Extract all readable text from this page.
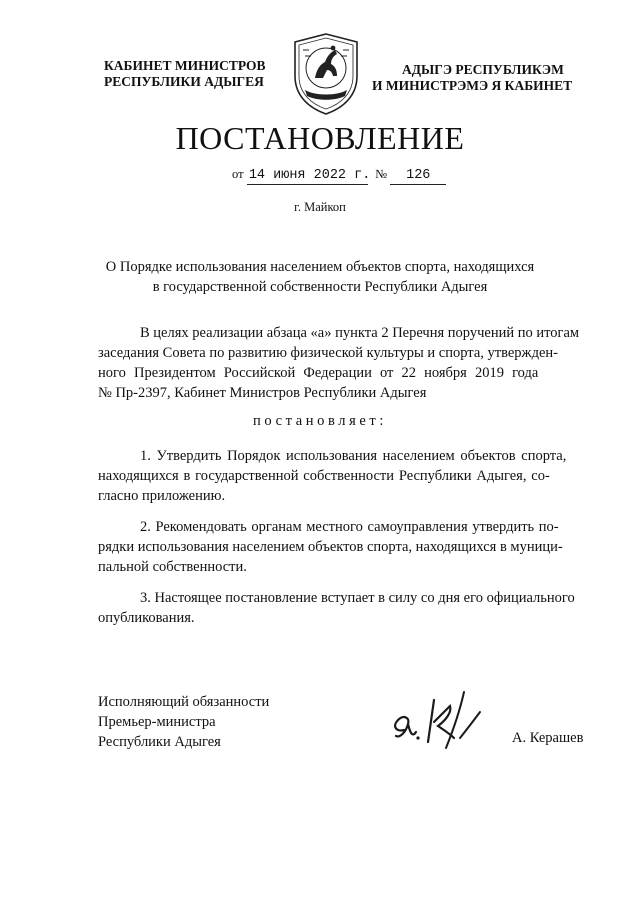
КАБИНЕТ МИНИСТРОВ
РЕСПУБЛИКИ АДЫГЕЯ
АДЫГЭ РЕСПУБЛИКЭМ
И МИНИСТРЭМЭ Я КАБИНЕТ
ПОСТАНОВЛЕНИЕ
от 14 июня 2022 г. № 126
г. Майкоп
О Порядке использования населением объектов спорта, находящихся
в государственной собственности Республики Адыгея
В целях реализации абзаца «а» пункта 2 Перечня поручений по итогам
заседания Совета по развитию физической культуры и спорта, утвержден-
ного Президентом Российской Федерации от 22 ноября 2019 года
№ Пр-2397, Кабинет Министров Республики Адыгея
постановляет:
1. Утвердить Порядок использования населением объектов спорта,
находящихся в государственной собственности Республики Адыгея, со-
гласно приложению.
2. Рекомендовать органам местного самоуправления утвердить по-
рядки использования населением объектов спорта, находящихся в муници-
пальной собственности.
3. Настоящее постановление вступает в силу со дня его официального
опубликования.
Исполняющий обязанности
Премьер-министра
Республики Адыгея	А. Керашев
